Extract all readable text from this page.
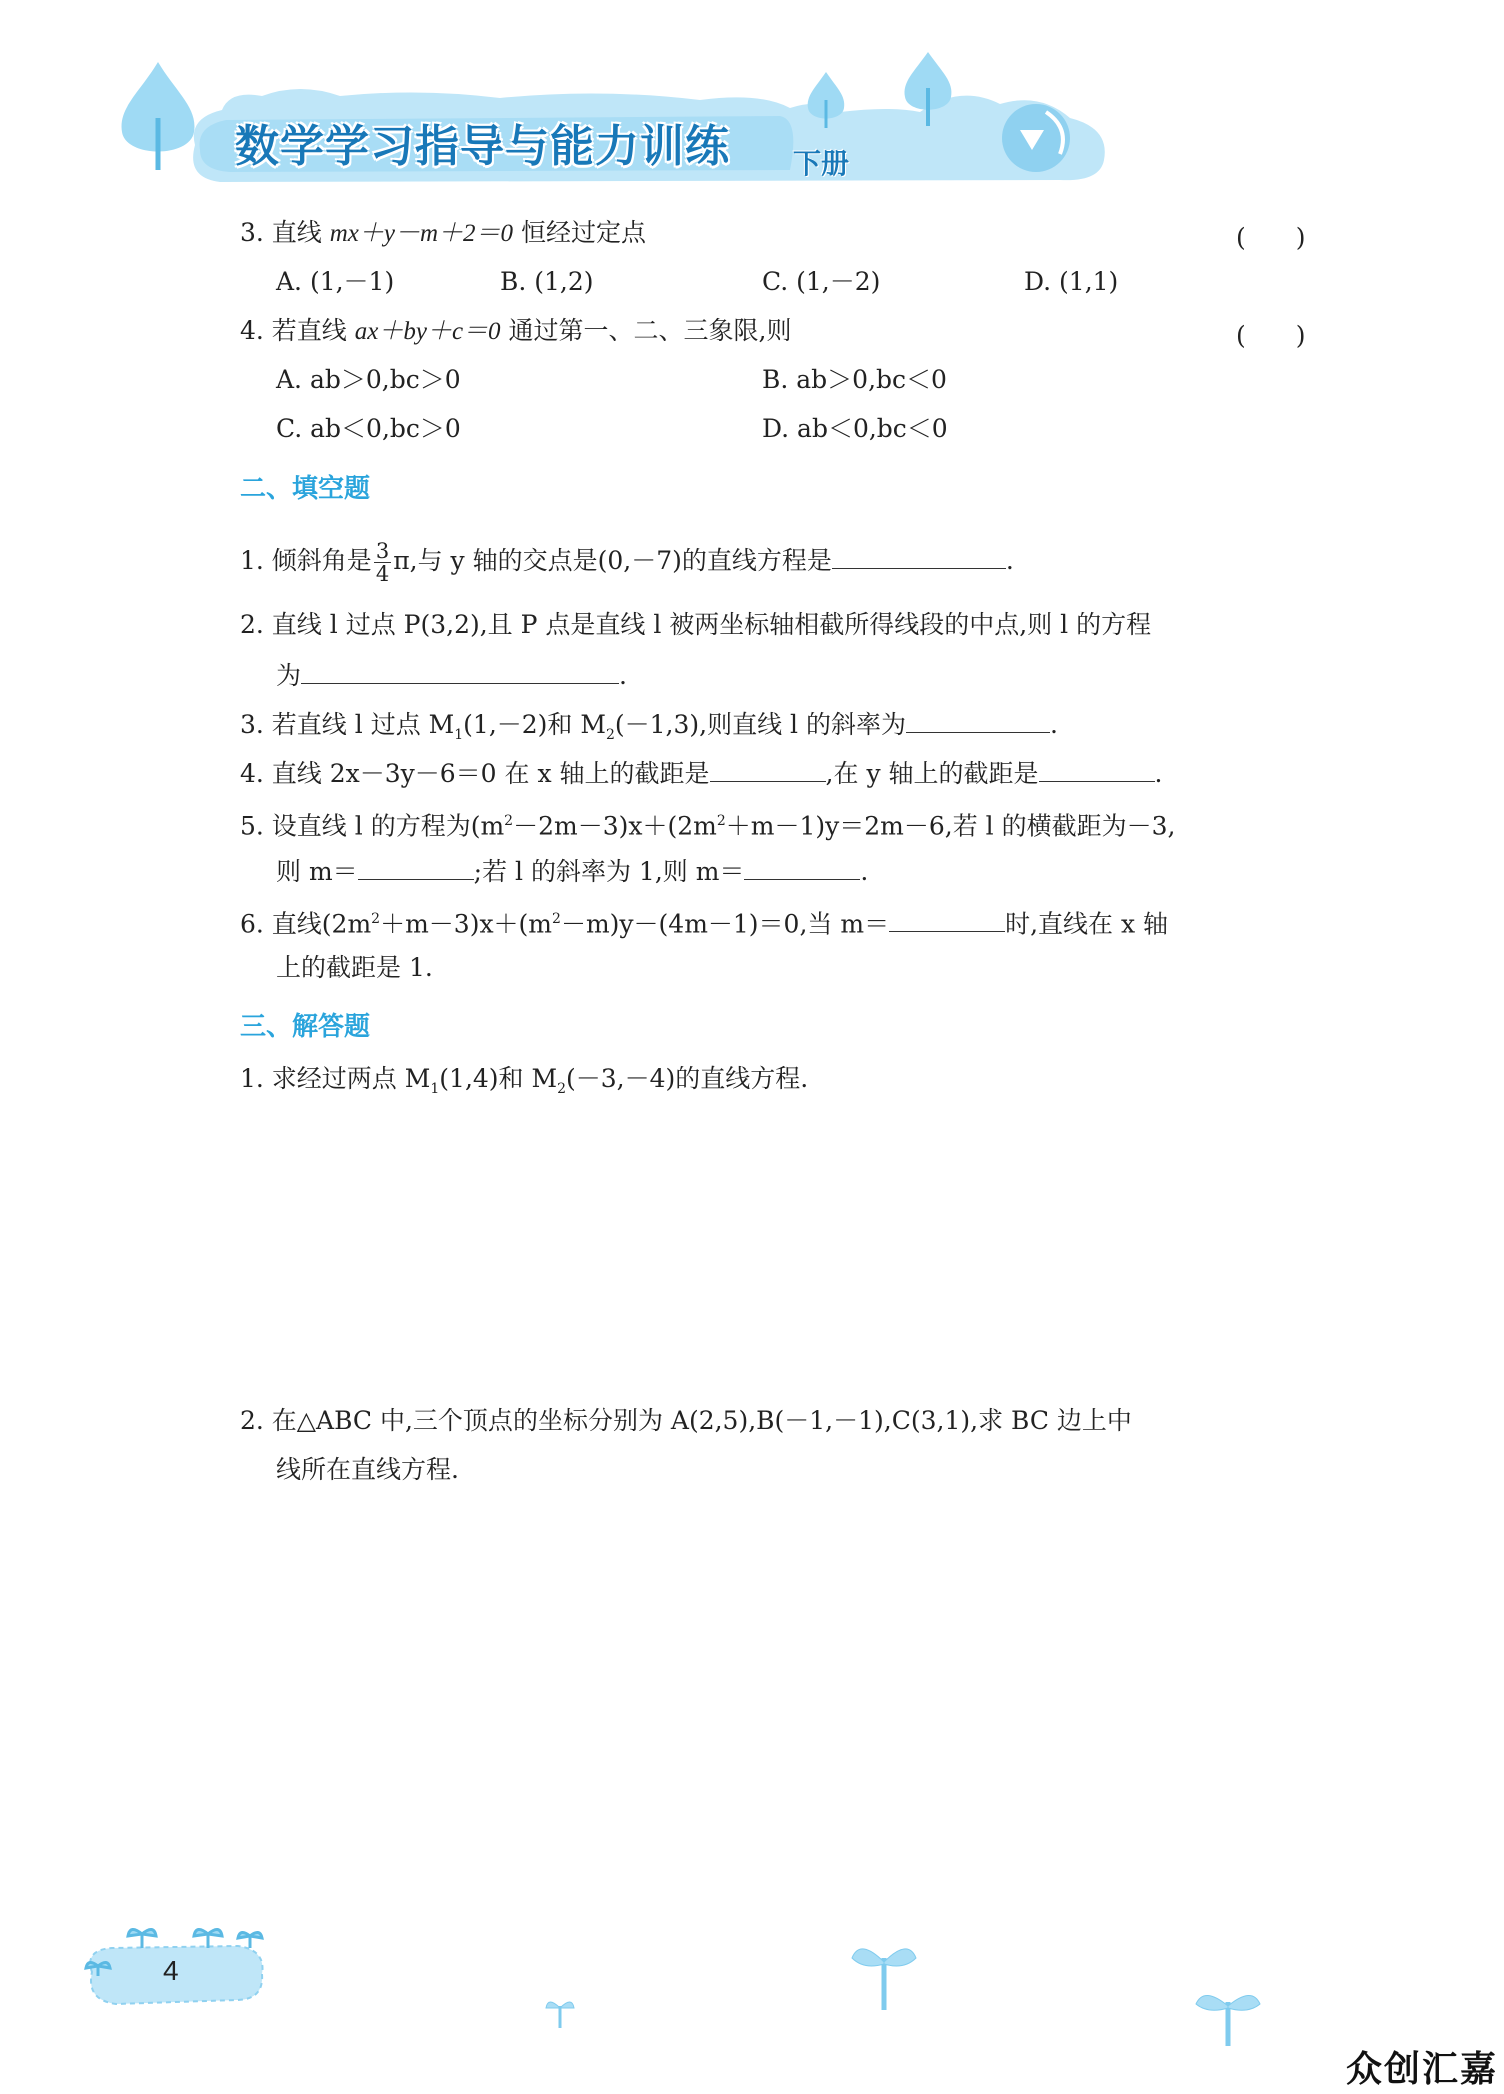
数学学习指导与能力训练 下册
3. 直线 mx＋y－m＋2＝0 恒经过定点	(　　)
A. (1,－1)	B. (1,2)	C. (1,－2)	D. (1,1)
4. 若直线 ax＋by＋c＝0 通过第一、二、三象限,则	(　　)
A. ab＞0,bc＞0	B. ab＞0,bc＜0
C. ab＜0,bc＞0	D. ab＜0,bc＜0
二、填空题
1. 倾斜角是 $\frac{3}{4} \pi$,与 y 轴的交点是(0,－7)的直线方程是	.
2. 直线 l 过点 P(3,2),且 P 点是直线 l 被两坐标轴相截所得线段的中点,则 l 的方程
为	.
3. 若直线 l 过点 $M_1(1,-2)$和 $M_2(-1,3)$,则直线 l 的斜率为	.
4. 直线 2x－3y－6＝0 在 x 轴上的截距是	,在 y 轴上的截距是	.
5. 设直线 l 的方程为$(m^2-2m-3)x+(2m^2+m-1)y=2m-6$,若 l 的横截距为－3,
则 m＝	;若 l 的斜率为 1,则 m＝	.
6. 直线$(2m^2+m-3)x+(m^2-m)y-(4m-1)=0$,当 m＝	时,直线在 x 轴
上的截距是 1.
三、解答题
1. 求经过两点 $M_1(1,4)$和 $M_2(-3,-4)$的直线方程.
2. 在△ABC 中,三个顶点的坐标分别为 A(2,5),B(－1,－1),C(3,1),求 BC 边上中
线所在直线方程.
4
众创汇嘉
